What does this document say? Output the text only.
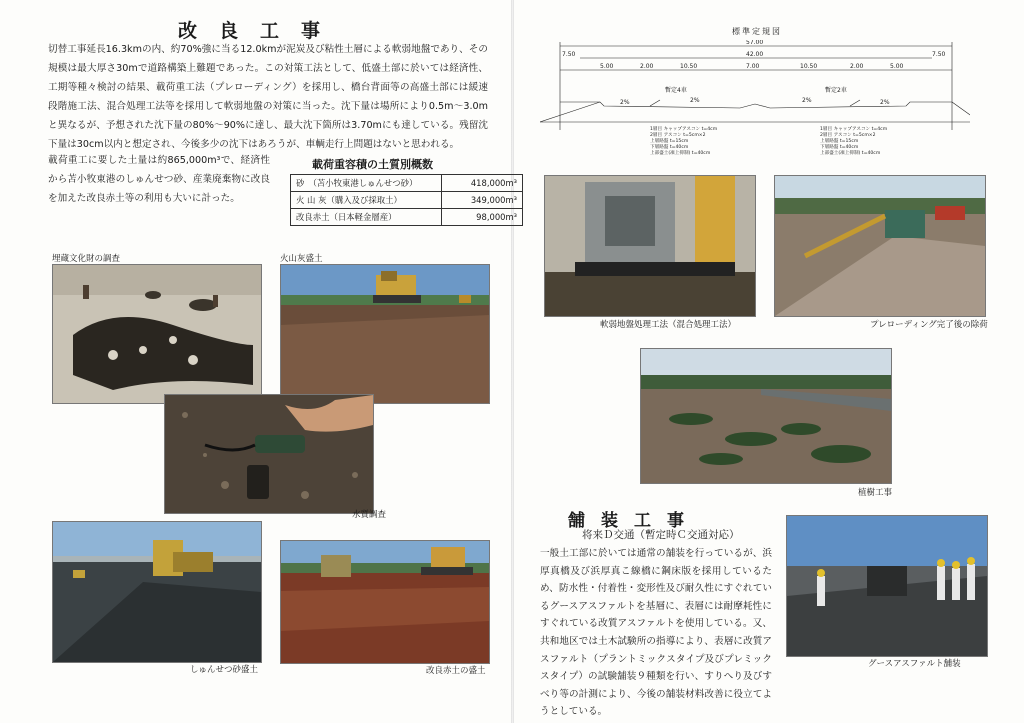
改良工事
切替工事延長16.3kmの内、約70%強に当る12.0kmが泥炭及び粘性土層による軟弱地盤であり、その規模は最大厚さ30mで道路構築上難題であった。この対策工法として、低盛土部に於いては経済性、工期等種々検討の結果、載荷重工法（プレローディング）を採用し、橋台背面等の高盛土部には緩速段階施工法、混合処理工法等を採用して軟弱地盤の対策に当った。沈下量は場所により0.5m〜3.0mと異なるが、予想された沈下量の80%〜90%に達し、最大沈下箇所は3.70mにも達している。残留沈下量は30cm以内と想定され、今後多少の沈下はあろうが、車輌走行上問題はないと思われる。
載荷重工に要した土量は約865,000m³で、経済性から苫小牧東港のしゅんせつ砂、産業廃棄物に改良を加えた改良赤土等の利用も大いに計った。
載荷重容積の土質別概数
砂　（苫小牧東港しゅんせつ砂）	418,000m³
火 山 灰（購入及び採取土）	349,000m³
改良赤土（日本軽金層産）	98,000m³
埋蔵文化財の調査	火山灰盛土
水質調査
しゅんせつ砂盛土	改良赤土の盛土
標準定規図
57.00
42.00
7.50	7.50
5.00	2.00	10.50	7.00	10.50	2.00	5.00
暫定4車	暫定2車
2%	2%
2%	2%
1層目 キャップアスコン t=4cm
2層目 アスコン t=5cm×2
上層路盤 t=15cm
下層路盤 t=40cm
上部盛土(凍上抑制) t=40cm
1層目 キャップアスコン t=4cm
2層目 アスコン t=5cm×2
上層路盤 t=15cm
下層路盤 t=40cm
上部盛土(凍上抑制) t=40cm
軟弱地盤処理工法（混合処理工法）	プレローディング完了後の除荷
植樹工事
舗装工事
将来Ｄ交通（暫定時Ｃ交通対応）
一般土工部に於いては通常の舗装を行っているが、浜厚真橋及び浜厚真こ線橋に鋼床版を採用しているため、防水性・付着性・変形性及び耐久性にすぐれているグースアスファルトを基層に、表層には耐摩耗性にすぐれている改質アスファルトを使用している。又、共和地区では土木試験所の指導により、表層に改質アスファルト（プラントミックスタイプ及びプレミックスタイプ）の試験舗装９種類を行い、すりへり及びすべり等の計測により、今後の舗装材料改善に役立てようとしている。
グースアスファルト舗装
